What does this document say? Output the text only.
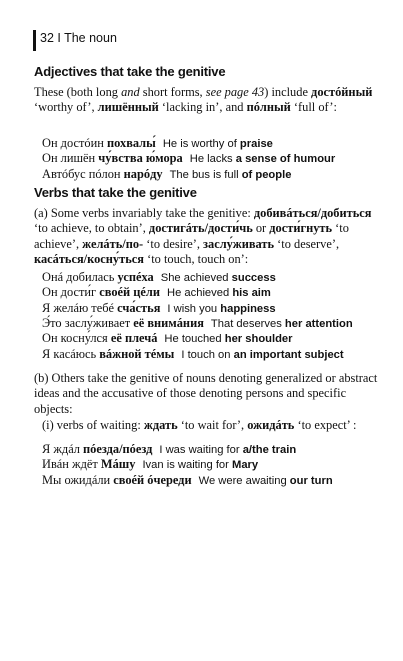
32 I The noun
Adjectives that take the genitive
These (both long and short forms, see page 43) include достóйный ‘worthy of’, лишённый ‘lacking in’, and пóлный ‘full of’:
Он достóин похвалы́ He is worthy of praise
Он лишён чу́вства ю́мора He lacks a sense of humour
Автóбус пóлон нарóду The bus is full of people
Verbs that take the genitive
(a) Some verbs invariably take the genitive: добивáться/добиться ‘to achieve, to obtain’, достигáть/дости́чь or дости́гнуть ‘to achieve’, желáть/по- ‘to desire’, заслу́живать ‘to deserve’, касáться/косну́ться ‘to touch, touch on’:
Онá добилась успéха She achieved success
Он дости́г своéй цéли He achieved his aim
Я желáю тебé сча́стья I wish you happiness
Э́то заслу́живает её внимáния That deserves her attention
Он косну́лся её плечá He touched her shoulder
Я касáюсь вáжной тéмы I touch on an important subject
(b) Others take the genitive of nouns denoting generalized or abstract ideas and the accusative of those denoting persons and specific objects:
(i) verbs of waiting: ждать ‘to wait for’, ожидáть ‘to expect’ :
Я ждáл пóезда/пóезд I was waiting for a/the train
Ивáн ждёт Мáшу Ivan is waiting for Mary
Мы ожидáли своéй óчереди We were awaiting our turn
